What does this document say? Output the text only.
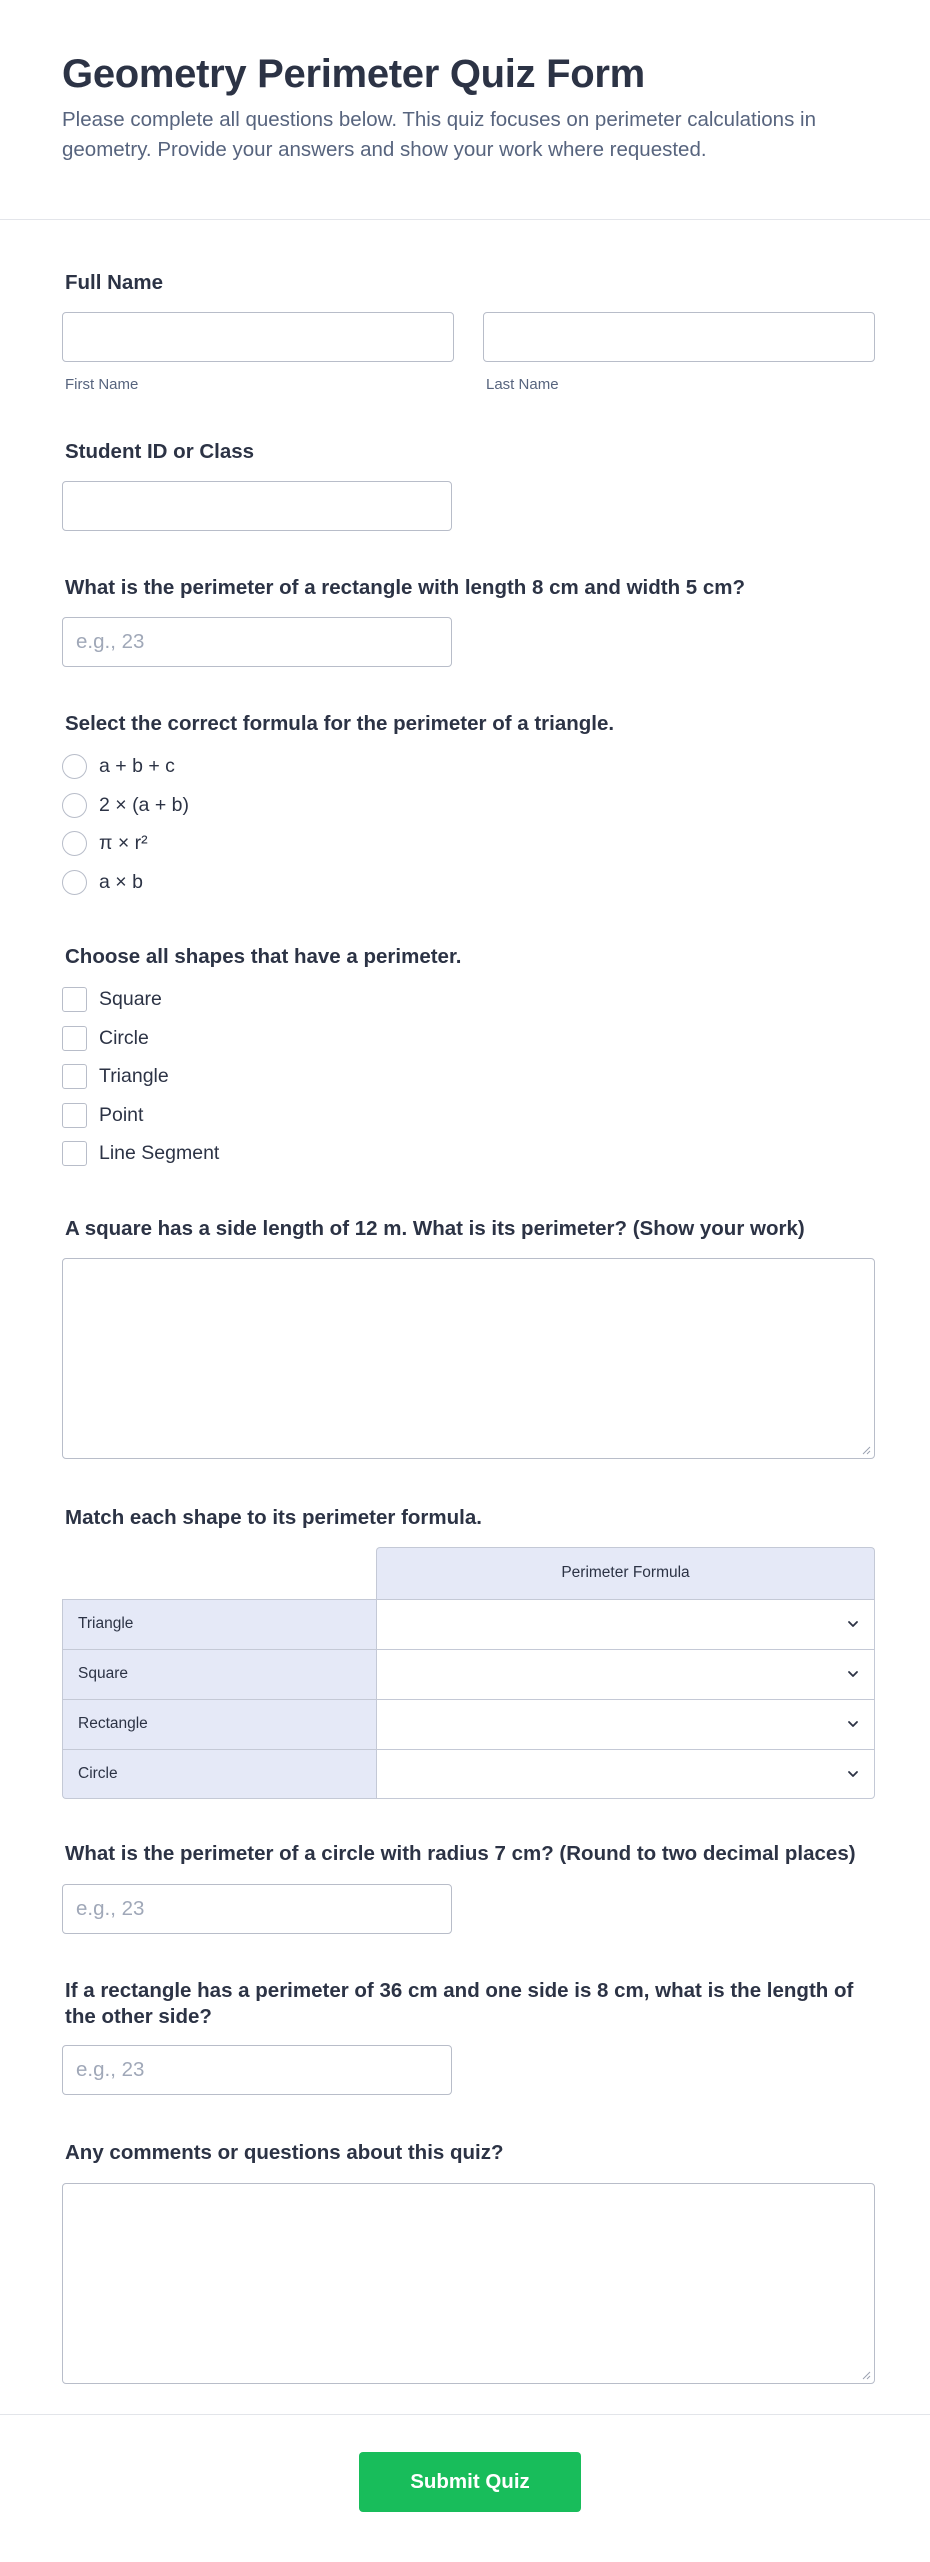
Geometry Perimeter Quiz Form

Please complete all questions below. This quiz focuses on perimeter calculations in geometry. Provide your answers and show your work where requested.

Full Name
First Name	Last Name
Student ID or Class
What is the perimeter of a rectangle with length 8 cm and width 5 cm?
e.g., 23
Select the correct formula for the perimeter of a triangle.
a + b + c
2 × (a + b)
π × r²
a × b
Choose all shapes that have a perimeter.
Square
Circle
Triangle
Point
Line Segment
A square has a side length of 12 m. What is its perimeter? (Show your work)
Match each shape to its perimeter formula.
Perimeter Formula
Triangle
Square
Rectangle
Circle
What is the perimeter of a circle with radius 7 cm? (Round to two decimal places)
e.g., 23
If a rectangle has a perimeter of 36 cm and one side is 8 cm, what is the length of the other side?
e.g., 23
Any comments or questions about this quiz?
Submit Quiz
